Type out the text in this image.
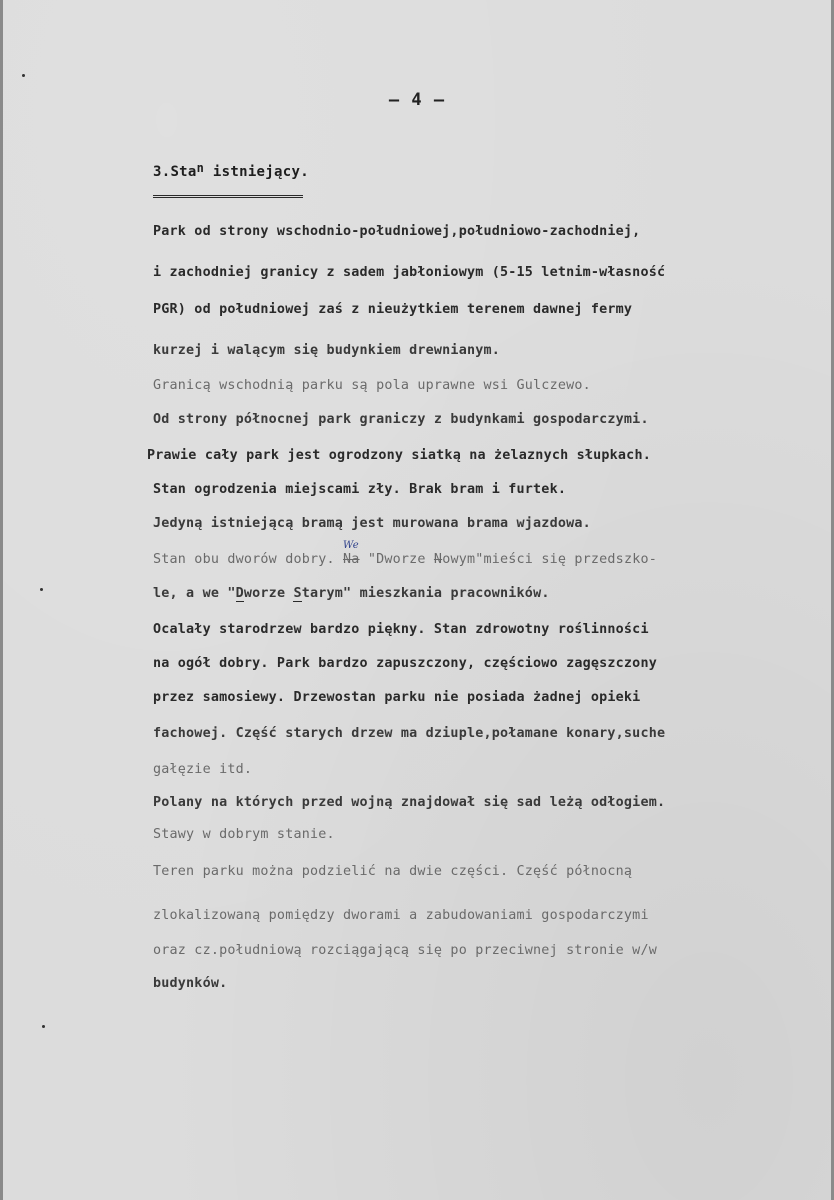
– 4 –
3.Stan istniejący.
Park od strony wschodnio-południowej,południowo-zachodniej,
i zachodniej granicy z sadem jabłoniowym (5-15 letnim-własność
PGR) od południowej zaś z nieużytkiem terenem dawnej fermy
kurzej i walącym się budynkiem drewnianym.
Granicą wschodnią parku są pola uprawne wsi Gulczewo.
Od strony północnej park graniczy z budynkami gospodarczymi.
Prawie cały park jest ogrodzony siatką na żelaznych słupkach.
Stan ogrodzenia miejscami zły. Brak bram i furtek.
Jedyną istniejącą bramą jest murowana brama wjazdowa.
Stan obu dworów dobry.
We
Na "Dworze Nowym"mieści się przedszko-
le, a we "Dworze Starym" mieszkania pracowników.
Ocalały starodrzew bardzo piękny. Stan zdrowotny roślinności
na ogół dobry. Park bardzo zapuszczony, częściowo zagęszczony
przez samosiewy. Drzewostan parku nie posiada żadnej opieki
fachowej. Część starych drzew ma dziuple,połamane konary,suche
gałęzie itd.
Polany na których przed wojną znajdował się sad leżą odłogiem.
Stawy w dobrym stanie.
Teren parku można podzielić na dwie części. Część północną
zlokalizowaną pomiędzy dworami a zabudowaniami gospodarczymi
oraz cz.południową rozciągającą się po przeciwnej stronie w/w
budynków.
